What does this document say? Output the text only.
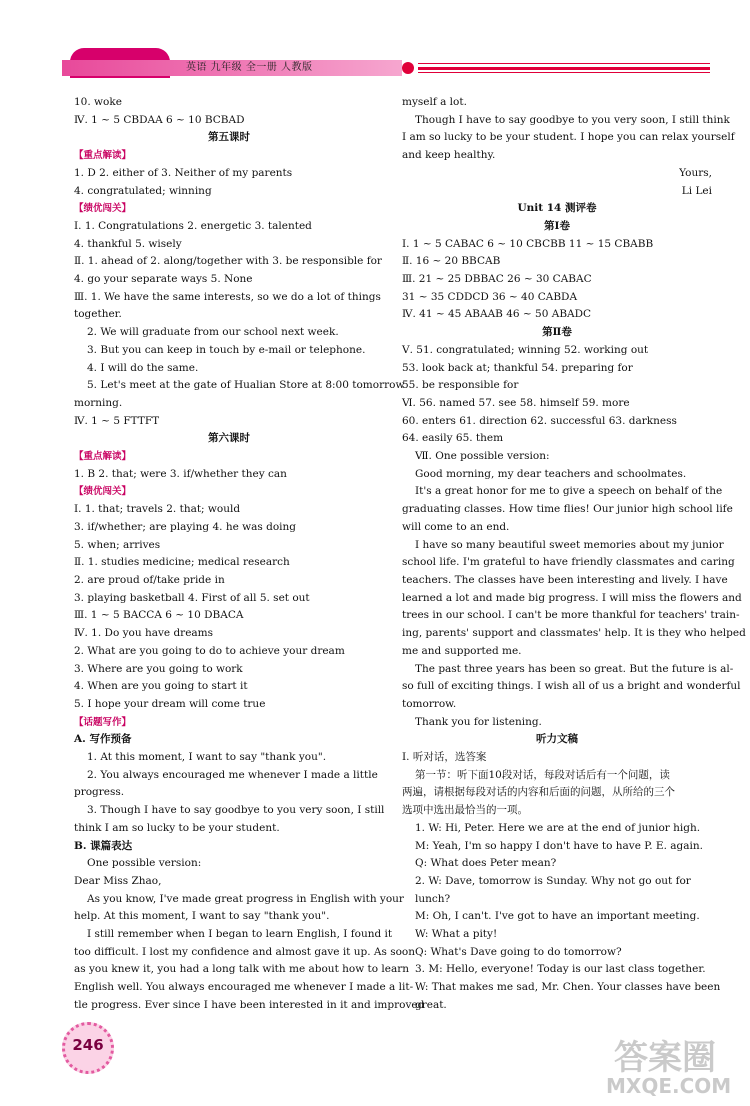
英语 九年级 全一册 人教版

10. woke

Ⅳ. 1 ~ 5 CBDAA 6 ~ 10 BCBAD

第五课时

【重点解读】

1. D 2. either of 3. Neither of my parents

4. congratulated; winning

【绩优闯关】

Ⅰ. 1. Congratulations 2. energetic 3. talented

4. thankful 5. wisely

Ⅱ. 1. ahead of 2. along/together with 3. be responsible for

4. go your separate ways 5. None

Ⅲ. 1. We have the same interests, so we do a lot of things

together.

2. We will graduate from our school next week.

3. But you can keep in touch by e-mail or telephone.

4. I will do the same.

5. Let's meet at the gate of Hualian Store at 8:00 tomorrow

morning.

Ⅳ. 1 ~ 5 FTTFT

第六课时

【重点解读】

1. B 2. that; were 3. if/whether they can

【绩优闯关】

Ⅰ. 1. that; travels 2. that; would

3. if/whether; are playing 4. he was doing

5. when; arrives

Ⅱ. 1. studies medicine; medical research

2. are proud of/take pride in

3. playing basketball 4. First of all 5. set out

Ⅲ. 1 ~ 5 BACCA 6 ~ 10 DBACA

Ⅳ. 1. Do you have dreams

2. What are you going to do to achieve your dream

3. Where are you going to work

4. When are you going to start it

5. I hope your dream will come true

【话题写作】

A. 写作预备

1. At this moment, I want to say "thank you".

2. You always encouraged me whenever I made a little

progress.

3. Though I have to say goodbye to you very soon, I still

think I am so lucky to be your student.

B. 课篇表达

One possible version:

Dear Miss Zhao,

As you know, I've made great progress in English with your

help. At this moment, I want to say "thank you".

I still remember when I began to learn English, I found it

too difficult. I lost my confidence and almost gave it up. As soon

as you knew it, you had a long talk with me about how to learn

English well. You always encouraged me whenever I made a lit-

tle progress. Ever since I have been interested in it and improved

myself a lot.

Though I have to say goodbye to you very soon, I still think

I am so lucky to be your student. I hope you can relax yourself

and keep healthy.

Yours,

Li Lei

Unit 14 测评卷

第Ⅰ卷

Ⅰ. 1 ~ 5 CABAC 6 ~ 10 CBCBB 11 ~ 15 CBABB

Ⅱ. 16 ~ 20 BBCAB

Ⅲ. 21 ~ 25 DBBAC 26 ~ 30 CABAC

31 ~ 35 CDDCD 36 ~ 40 CABDA

Ⅳ. 41 ~ 45 ABAAB 46 ~ 50 ABADC

第Ⅱ卷

Ⅴ. 51. congratulated; winning 52. working out

53. look back at; thankful 54. preparing for

55. be responsible for

Ⅵ. 56. named 57. see 58. himself 59. more

60. enters 61. direction 62. successful 63. darkness

64. easily 65. them

Ⅶ. One possible version:

Good morning, my dear teachers and schoolmates.

It's a great honor for me to give a speech on behalf of the

graduating classes. How time flies! Our junior high school life

will come to an end.

I have so many beautiful sweet memories about my junior

school life. I'm grateful to have friendly classmates and caring

teachers. The classes have been interesting and lively. I have

learned a lot and made big progress. I will miss the flowers and

trees in our school. I can't be more thankful for teachers' train-

ing, parents' support and classmates' help. It is they who helped

me and supported me.

The past three years has been so great. But the future is al-

so full of exciting things. I wish all of us a bright and wonderful

tomorrow.

Thank you for listening.

听力文稿

Ⅰ. 听对话，选答案

第一节：听下面10段对话，每段对话后有一个问题，读

两遍，请根据每段对话的内容和后面的问题，从所给的三个

选项中选出最恰当的一项。

1. W: Hi, Peter. Here we are at the end of junior high.

M: Yeah, I'm so happy I don't have to have P. E. again.

Q: What does Peter mean?

2. W: Dave, tomorrow is Sunday. Why not go out for

lunch?

M: Oh, I can't. I've got to have an important meeting.

W: What a pity!

Q: What's Dave going to do tomorrow?

3. M: Hello, everyone! Today is our last class together.

W: That makes me sad, Mr. Chen. Your classes have been

great.

246	答案圈
MXQE.COM
